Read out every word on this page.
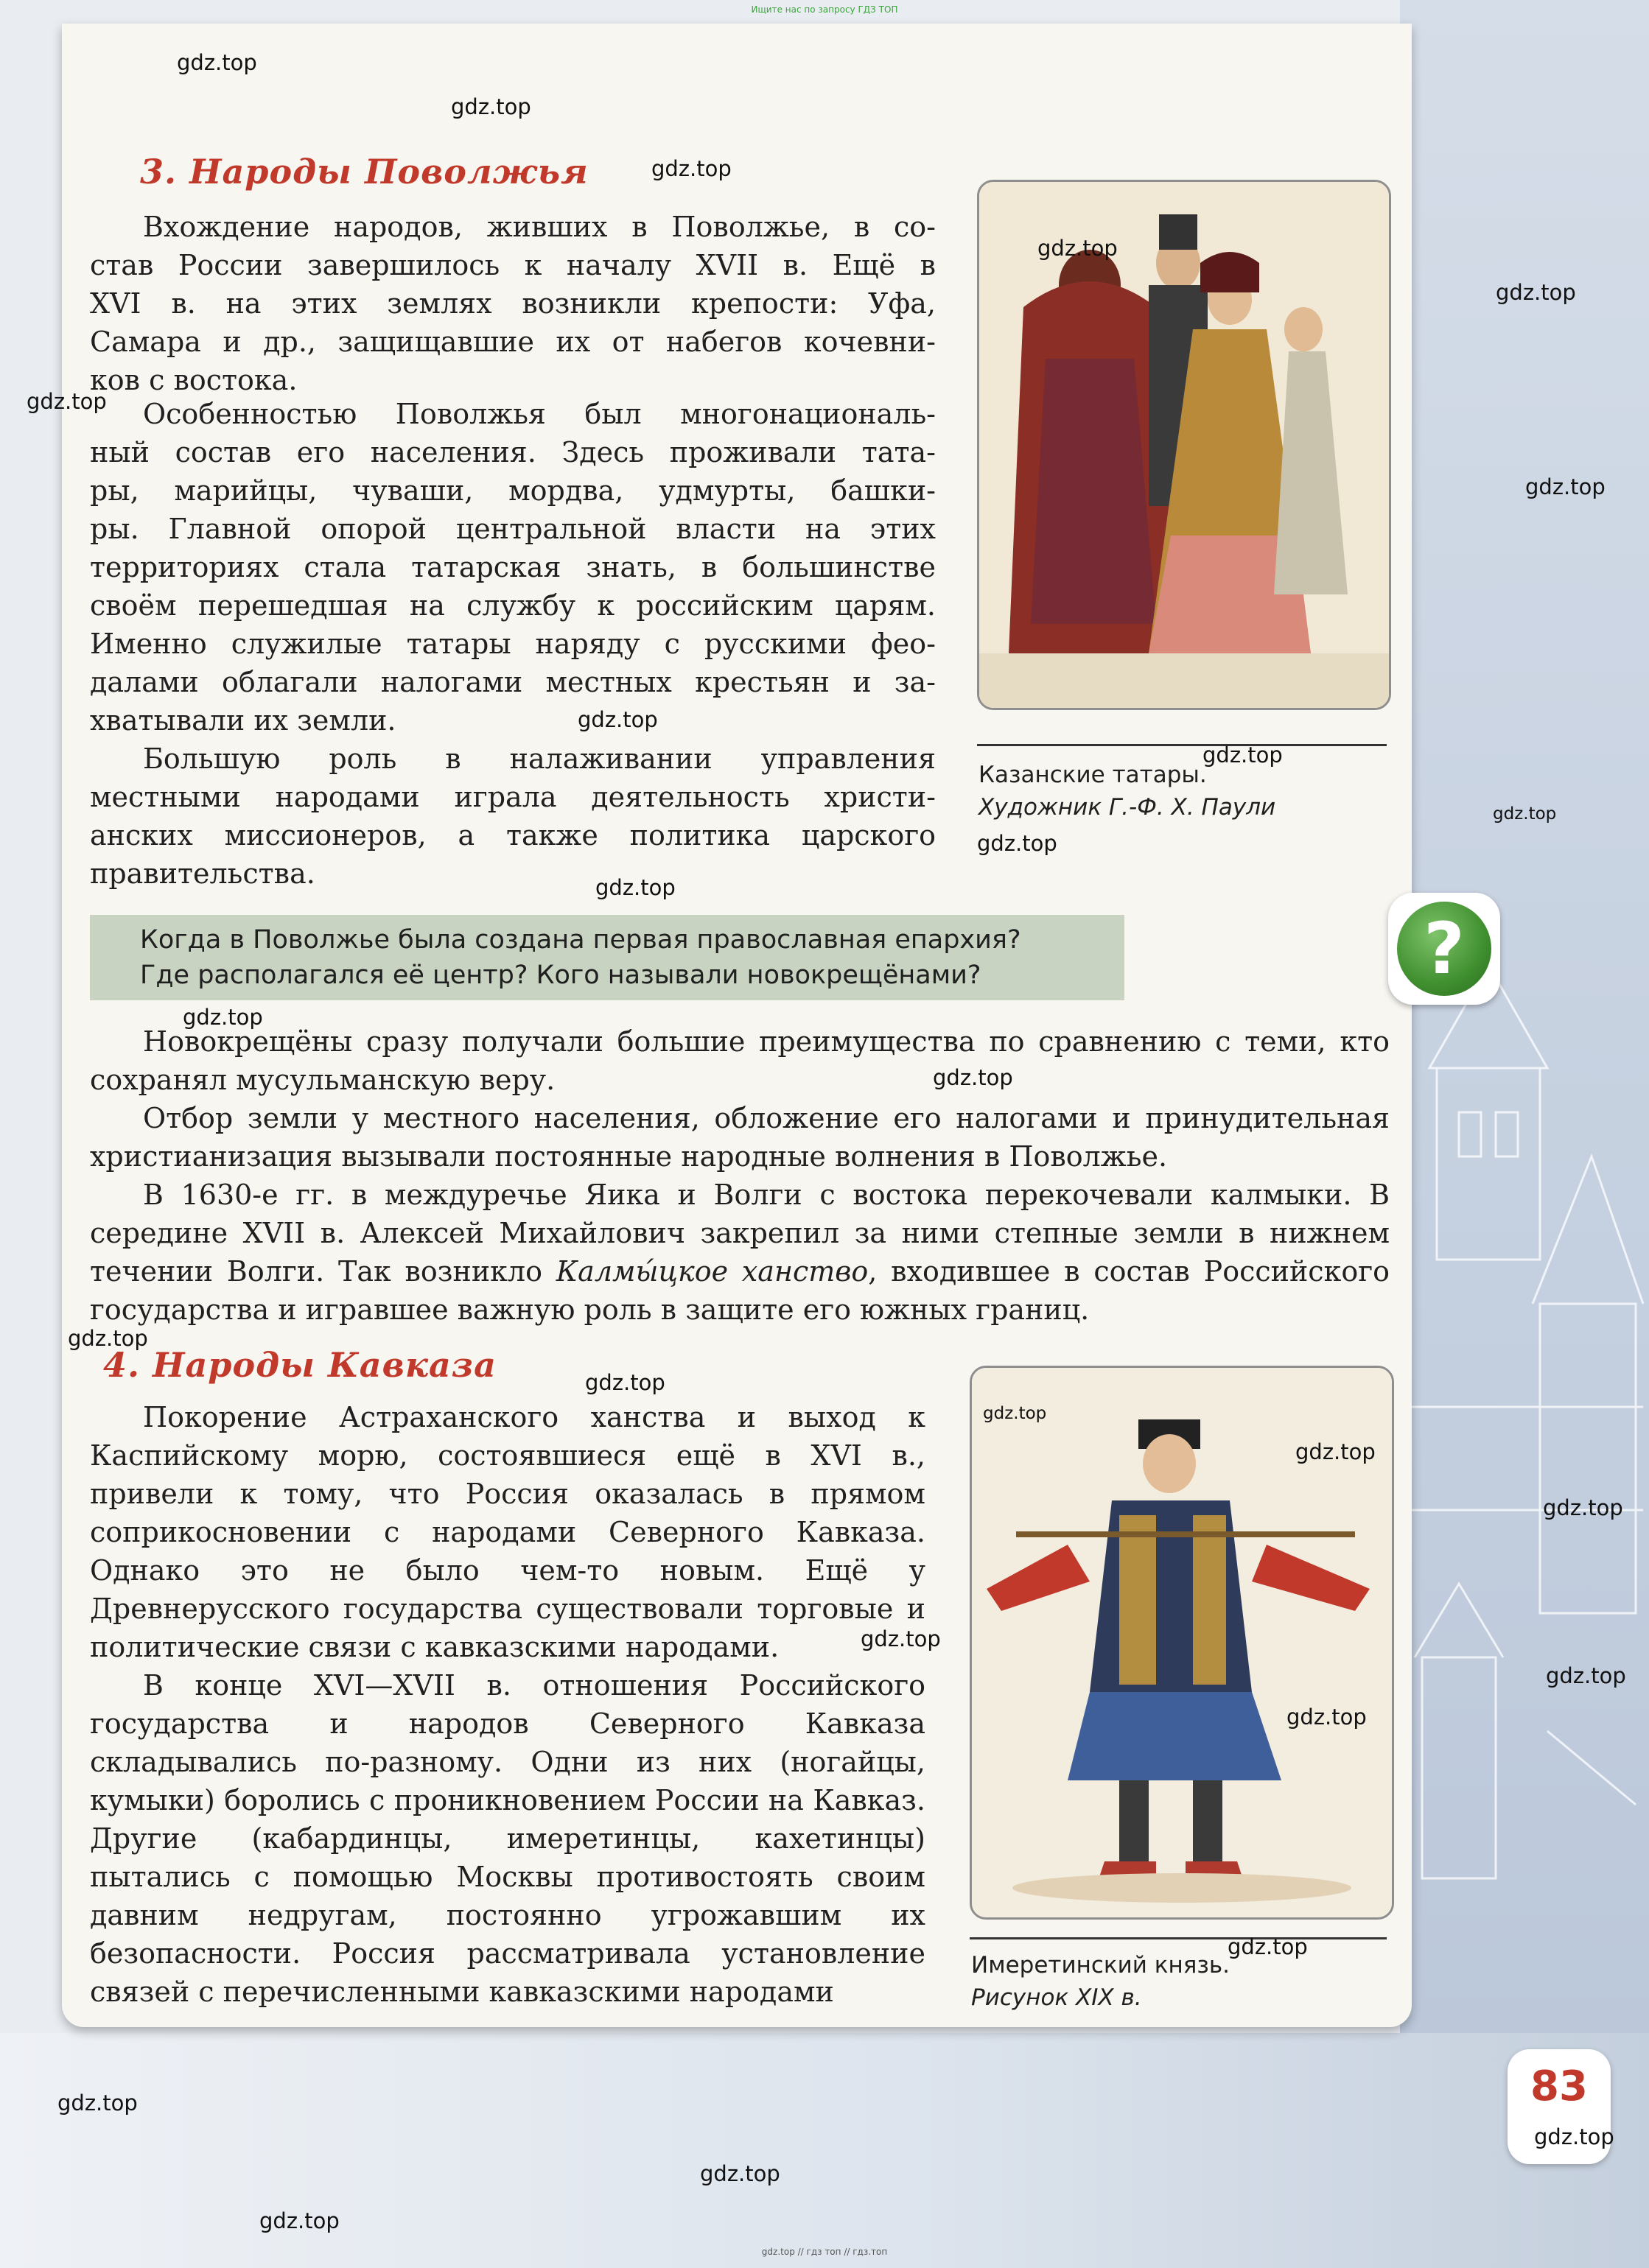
Ищите нас по запросу ГДЗ ТОП
3. Народы Поволжья
Вхождение народов, живших в Поволжье, в со-
став России завершилось к началу XVII в. Ещё в
XVI в. на этих землях возникли крепости: Уфа,
Самара и др., защищавшие их от набегов кочевни-
ков с востока.
Особенностью Поволжья был многонациональ-
ный состав его населения. Здесь проживали тата-
ры, марийцы, чуваши, мордва, удмурты, башки-
ры. Главной опорой центральной власти на этих
территориях стала татарская знать, в большинстве
своём перешедшая на службу к российским царям.
Именно служилые татары наряду с русскими фео-
далами облагали налогами местных крестьян и за-
хватывали их земли.
Большую роль в налаживании управления
местными народами играла деятельность христи-
анских миссионеров, а также политика царского
правительства.
Когда в Поволжье была создана первая православная епархия?
Где располагался её центр? Кого называли новокрещёнами?	?

Новокрещёны сразу получали большие преимущества по сравнению с теми, кто сохранял мусульманскую веру.

Отбор земли у местного населения, обложение его налогами и принудительная христианизация вызывали постоянные народные волнения в Поволжье.

В 1630-е гг. в междуречье Яика и Волги с востока перекочевали калмыки. В середине XVII в. Алексей Михайлович закрепил за ними степные земли в нижнем течении Волги. Так возникло Калмы́цкое ханство, входившее в состав Российского государства и игравшее важную роль в защите его южных границ.

4. Народы Кавказа

Покорение Астраханского ханства и выход к Каспийскому морю, состоявшиеся ещё в XVI в., привели к тому, что Россия оказалась в прямом соприкосновении с народами Северного Кавказа. Однако это не было чем-то новым. Ещё у Древнерусского государства существовали торговые и политические связи с кавказскими народами.

В конце XVI—XVII в. отношения Российского государства и народов Северного Кавказа складывались по-разному. Одни из них (ногайцы, кумыки) боролись с проникновением России на Кавказ. Другие (кабардинцы, имеретинцы, кахетинцы) пытались с помощью Москвы противостоять своим давним недругам, постоянно угрожавшим их безопасности. Россия рассматривала установление связей с перечисленными кавказскими народами

Казанские татары.
Художник Г.-Ф. Х. Паули
Имеретинский князь.
Рисунок XIX в.
83
gdz.top
gdz.top
gdz.top
gdz.top
gdz.top
gdz.top
gdz.top
gdz.top
gdz.top
gdz.top
gdz.top
gdz.top
gdz.top
gdz.top
gdz.top
gdz.top
gdz.top
gdz.top
gdz.top
gdz.top
gdz.top
gdz.top
gdz.top
gdz.top
gdz.top
gdz.top
gdz.top
gdz.top // гдз топ // гдз.топ
